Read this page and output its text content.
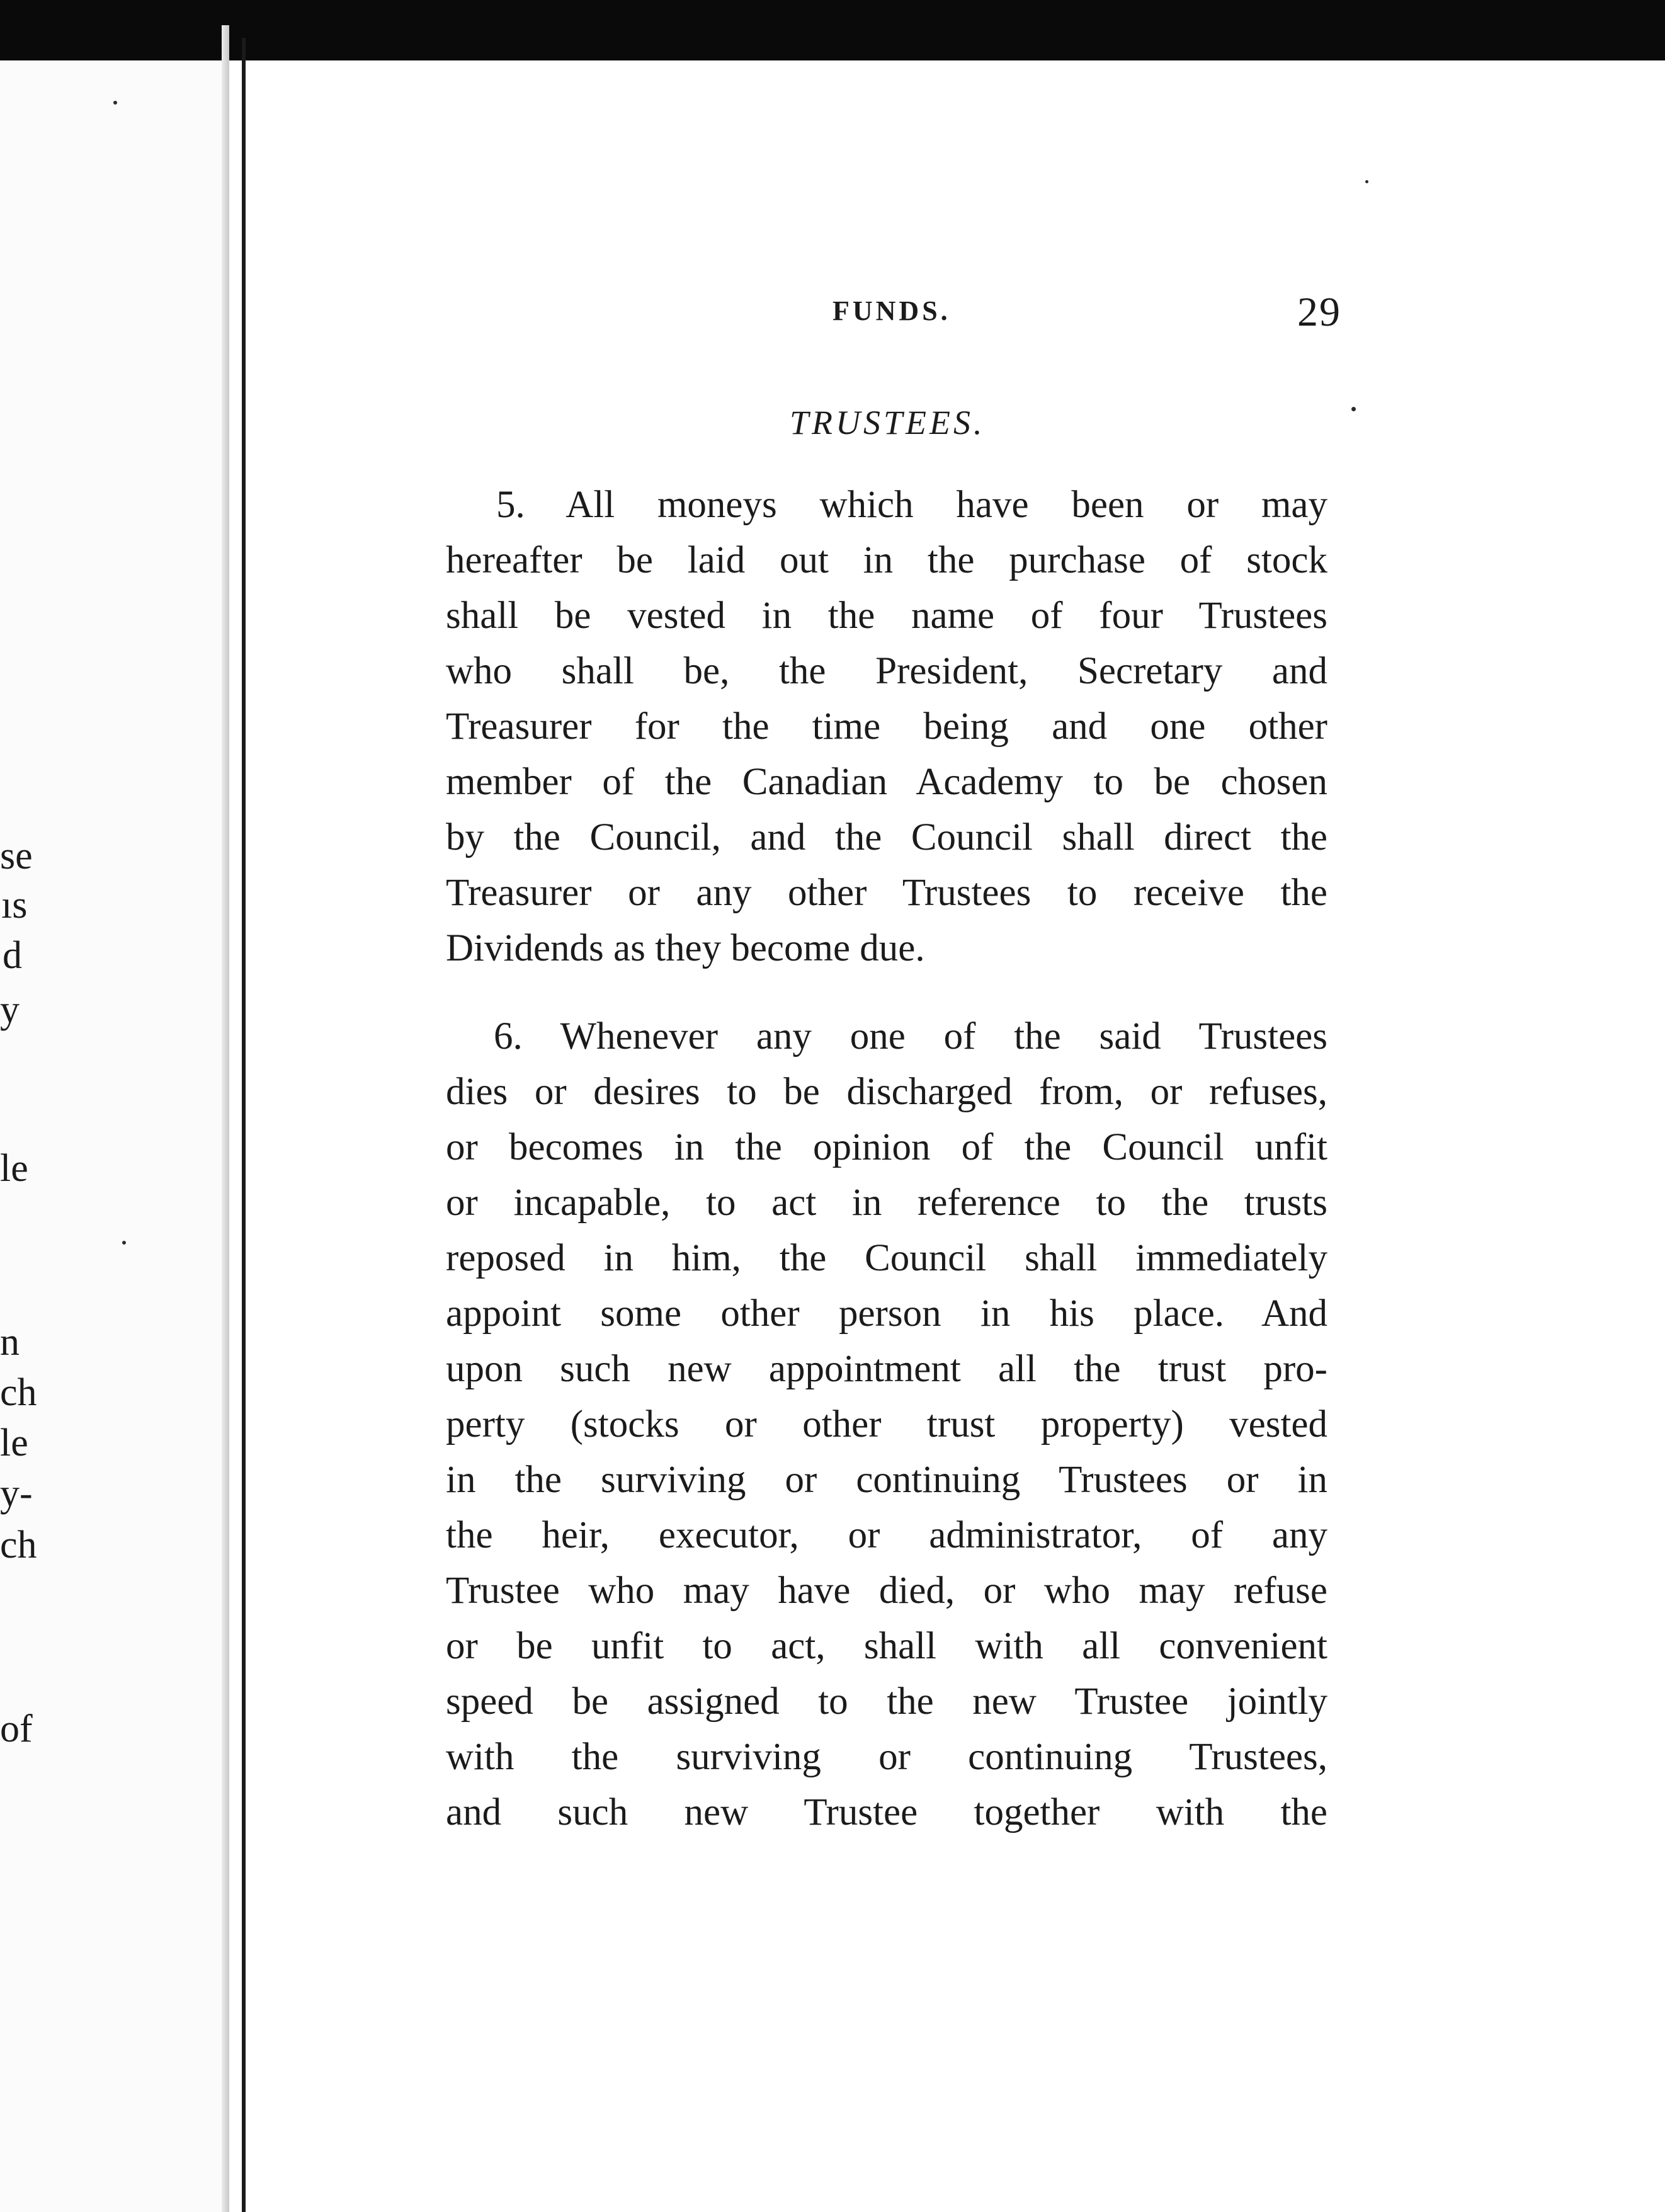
se
ıs
d
y
le
n
ch
le
y-
ch
of
FUNDS.	29
TRUSTEES.
5. All moneys which have been or may
hereafter be laid out in the purchase of stock
shall be vested in the name of four Trustees
who shall be, the President, Secretary and
Treasurer for the time being and one other
member of the Canadian Academy to be chosen
by the Council, and the Council shall direct the
Treasurer or any other Trustees to receive the
Dividends as they become due.
6. Whenever any one of the said Trustees
dies or desires to be discharged from, or refuses,
or becomes in the opinion of the Council unfit
or incapable, to act in reference to the trusts
reposed in him, the Council shall immediately
appoint some other person in his place. And
upon such new appointment all the trust pro-
perty (stocks or other trust property) vested
in the surviving or continuing Trustees or in
the heir, executor, or administrator, of any
Trustee who may have died, or who may refuse
or be unfit to act, shall with all convenient
speed be assigned to the new Trustee jointly
with the surviving or continuing Trustees,
and such new Trustee together with the
